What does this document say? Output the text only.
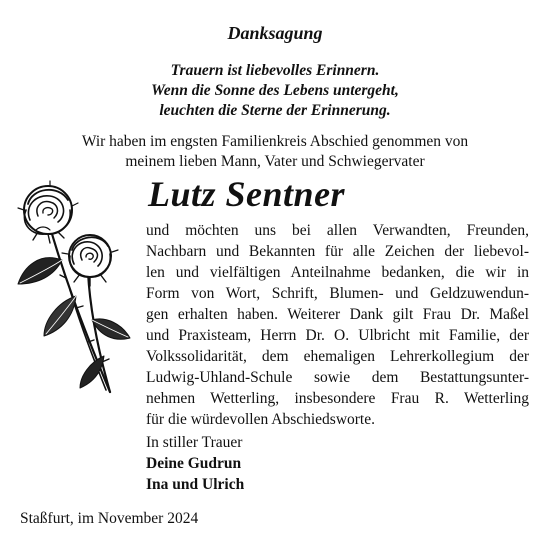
Danksagung
Trauern ist liebevolles Erinnern.
Wenn die Sonne des Lebens untergeht,
leuchten die Sterne der Erinnerung.
Wir haben im engsten Familienkreis Abschied genommen von
meinem lieben Mann, Vater und Schwiegervater
Lutz Sentner
und möchten uns bei allen Verwandten, Freunden,
Nachbarn und Bekannten für alle Zeichen der liebevol-
len und vielfältigen Anteilnahme bedanken, die wir in
Form von Wort, Schrift, Blumen- und Geldzuwendun-
gen erhalten haben. Weiterer Dank gilt Frau Dr. Maßel
und Praxisteam, Herrn Dr. O. Ulbricht mit Familie, der
Volkssolidarität, dem ehemaligen Lehrerkollegium der
Ludwig-Uhland-Schule sowie dem Bestattungsunter-
nehmen Wetterling, insbesondere Frau R. Wetterling
für die würdevollen Abschiedsworte.
In stiller Trauer
Deine Gudrun
Ina und Ulrich
Staßfurt, im November 2024
